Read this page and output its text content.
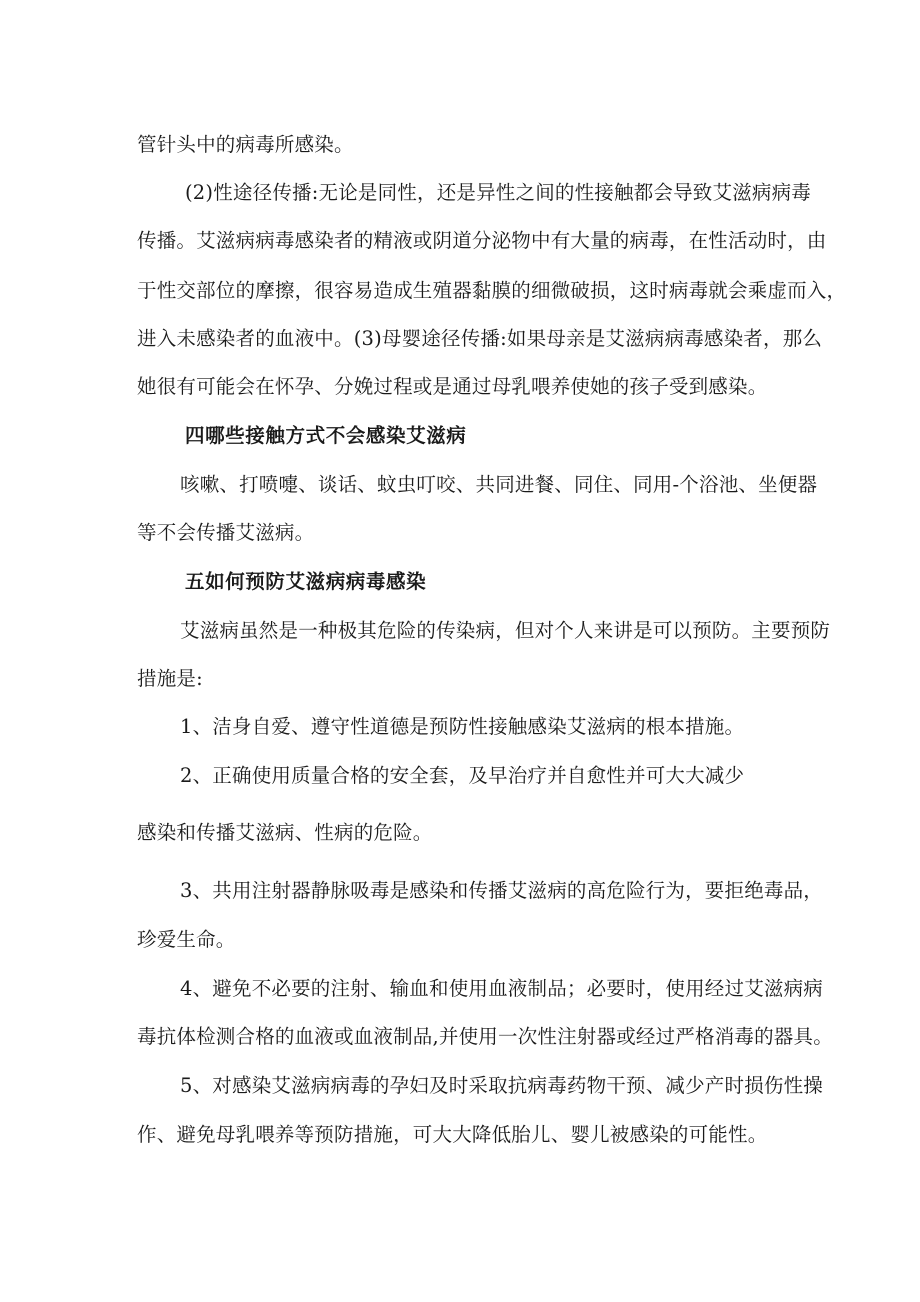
管针头中的病毒所感染。
(2)性途径传播:无论是同性，还是异性之间的性接触都会导致艾滋病病毒
传播。艾滋病病毒感染者的精液或阴道分泌物中有大量的病毒，在性活动时，由
于性交部位的摩擦，很容易造成生殖器黏膜的细微破损，这时病毒就会乘虚而入，
进入未感染者的血液中。(3)母婴途径传播:如果母亲是艾滋病病毒感染者，那么
她很有可能会在怀孕、分娩过程或是通过母乳喂养使她的孩子受到感染。
四哪些接触方式不会感染艾滋病
咳嗽、打喷嚏、谈话、蚊虫叮咬、共同进餐、同住、同用-个浴池、坐便器
等不会传播艾滋病。
五如何预防艾滋病病毒感染
艾滋病虽然是一种极其危险的传染病，但对个人来讲是可以预防。主要预防
措施是:
1、洁身自爱、遵守性道德是预防性接触感染艾滋病的根本措施。
2、正确使用质量合格的安全套，及早治疗并自愈性并可大大减少
感染和传播艾滋病、性病的危险。
3、共用注射器静脉吸毒是感染和传播艾滋病的高危险行为，要拒绝毒品，
珍爱生命。
4、避免不必要的注射、输血和使用血液制品；必要时，使用经过艾滋病病
毒抗体检测合格的血液或血液制品,并使用一次性注射器或经过严格消毒的器具。
5、对感染艾滋病病毒的孕妇及时采取抗病毒药物干预、减少产时损伤性操
作、避免母乳喂养等预防措施，可大大降低胎儿、婴儿被感染的可能性。
